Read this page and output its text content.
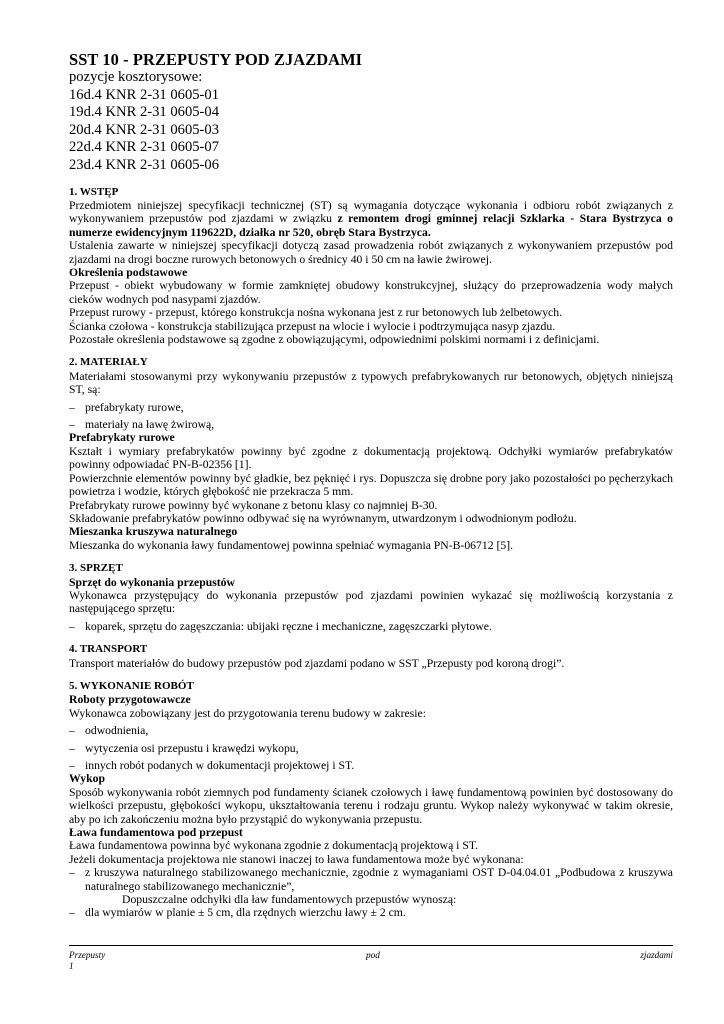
SST 10 - PRZEPUSTY POD ZJAZDAMI
pozycje kosztorysowe:
16d.4 KNR 2-31 0605-01
19d.4 KNR 2-31 0605-04
20d.4 KNR 2-31 0605-03
22d.4 KNR 2-31 0605-07
23d.4 KNR 2-31 0605-06
1. WSTĘP

Przedmiotem niniejszej specyfikacji technicznej (ST) są wymagania dotyczące wykonania i odbioru robót związanych z wykonywaniem przepustów pod zjazdami w związku z remontem drogi gminnej relacji Szklarka - Stara Bystrzyca o numerze ewidencyjnym 119622D, działka nr 520, obręb Stara Bystrzyca.

Ustalenia zawarte w niniejszej specyfikacji dotyczą zasad prowadzenia robót związanych z wykonywaniem przepustów pod zjazdami na drogi boczne rurowych betonowych o średnicy 40 i 50 cm na ławie żwirowej.

Określenia podstawowe

Przepust - obiekt wybudowany w formie zamkniętej obudowy konstrukcyjnej, służący do przeprowadzenia wody małych cieków wodnych pod nasypami zjazdów.

Przepust rurowy - przepust, którego konstrukcja nośna wykonana jest z rur betonowych lub żelbetowych.

Ścianka czołowa - konstrukcja stabilizująca przepust na wlocie i wylocie i podtrzymująca nasyp zjazdu.

Pozostałe określenia podstawowe są zgodne z obowiązującymi, odpowiednimi polskimi normami i z definicjami.

2. MATERIAŁY

Materiałami stosowanymi przy wykonywaniu przepustów z typowych prefabrykowanych rur betonowych, objętych niniejszą ST, są:

– prefabrykaty rurowe,
– materiały na ławę żwirową,
Prefabrykaty rurowe

Kształt i wymiary prefabrykatów powinny być zgodne z dokumentacją projektową. Odchyłki wymiarów prefabrykatów powinny odpowiadać PN-B-02356 [1].

Powierzchnie elementów powinny być gładkie, bez pęknięć i rys. Dopuszcza się drobne pory jako pozostałości po pęcherzykach powietrza i wodzie, których głębokość nie przekracza 5 mm.

Prefabrykaty rurowe powinny być wykonane z betonu klasy co najmniej B-30.

Składowanie prefabrykatów powinno odbywać się na wyrównanym, utwardzonym i odwodnionym podłożu.

Mieszanka kruszywa naturalnego

Mieszanka do wykonania ławy fundamentowej powinna spełniać wymagania PN-B-06712 [5].

3. SPRZĘT
Sprzęt do wykonania przepustów

Wykonawca przystępujący do wykonania przepustów pod zjazdami powinien wykazać się możliwością korzystania z następującego sprzętu:

– koparek, sprzętu do zagęszczania: ubijaki ręczne i mechaniczne, zagęszczarki płytowe.
4. TRANSPORT

Transport materiałów do budowy przepustów pod zjazdami podano w SST „Przepusty pod koroną drogi”.

5. WYKONANIE ROBÓT
Roboty przygotowawcze

Wykonawca zobowiązany jest do przygotowania terenu budowy w zakresie:

– odwodnienia,
– wytyczenia osi przepustu i krawędzi wykopu,
– innych robót podanych w dokumentacji projektowej i ST.
Wykop

Sposób wykonywania robót ziemnych pod fundamenty ścianek czołowych i ławę fundamentową powinien być dostosowany do wielkości przepustu, głębokości wykopu, ukształtowania terenu i rodzaju gruntu. Wykop należy wykonywać w takim okresie, aby po ich zakończeniu można było przystąpić do wykonywania przepustu.

Ława fundamentowa pod przepust

Ława fundamentowa powinna być wykonana zgodnie z dokumentacją projektową i ST.

Jeżeli dokumentacja projektowa nie stanowi inaczej to ława fundamentowa może być wykonana:

– z kruszywa naturalnego stabilizowanego mechanicznie, zgodnie z wymaganiami OST D-04.04.01 „Podbudowa z kruszywa naturalnego stabilizowanego mechanicznie”,

Dopuszczalne odchyłki dla ław fundamentowych przepustów wynoszą:

– dla wymiarów w planie ± 5 cm, dla rzędnych wierzchu ławy ± 2 cm.
Przepusty	pod	zjazdami
1
